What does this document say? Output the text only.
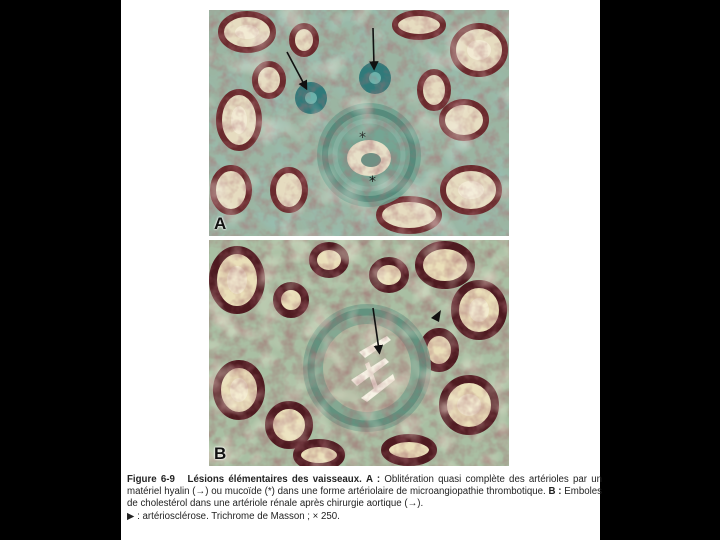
A
B
Figure 6-9 Lésions élémentaires des vaisseaux. A : Oblitération quasi complète des artérioles par un matériel hyalin (→) ou mucoïde (*) dans une forme artériolaire de microangiopathie thrombotique. B : Emboles de cholestérol dans une artériole rénale après chirurgie aortique (→).
▶ : artériosclérose. Trichrome de Masson ; × 250.
